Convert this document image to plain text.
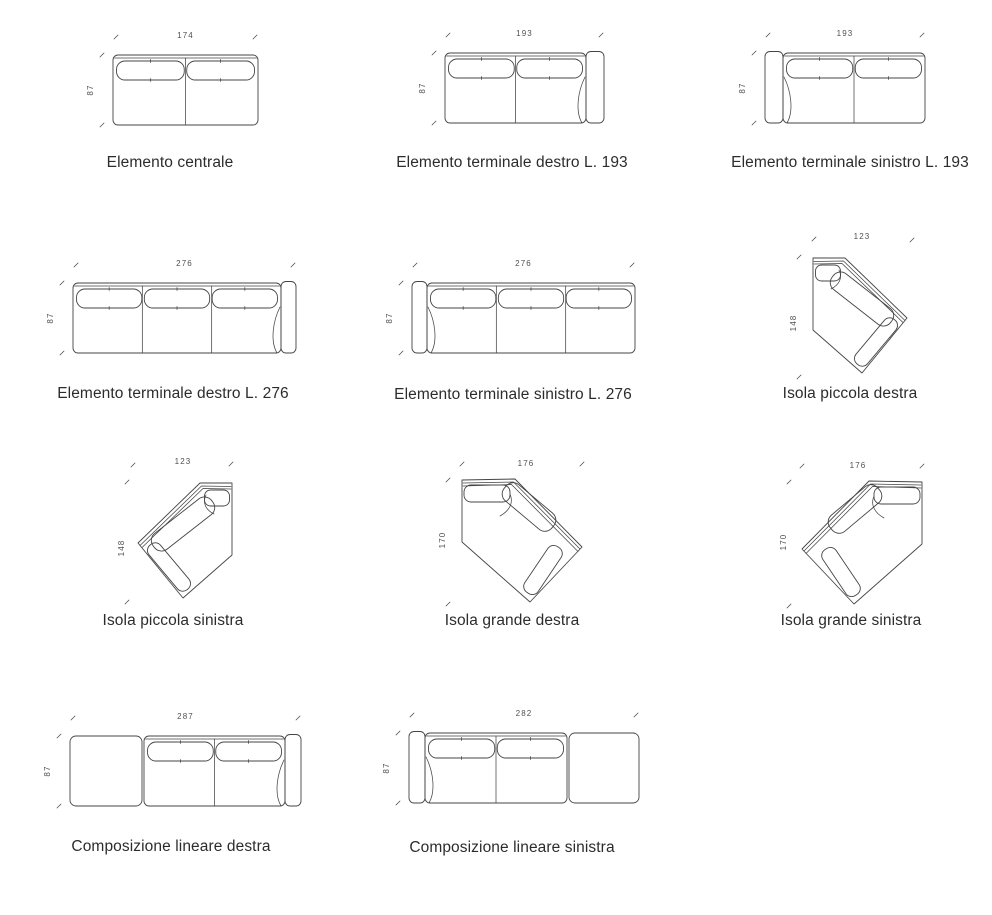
174
87
Elemento centrale
193
87
Elemento terminale destro L. 193
193
87
Elemento terminale sinistro L. 193
276
87
Elemento terminale destro L. 276
276
87
Elemento terminale sinistro L. 276
123
148
Isola piccola destra
123
148
Isola piccola sinistra
176
170
Isola grande destra
176
170
Isola grande sinistra
287
87
Composizione lineare destra
282
87
Composizione lineare sinistra
